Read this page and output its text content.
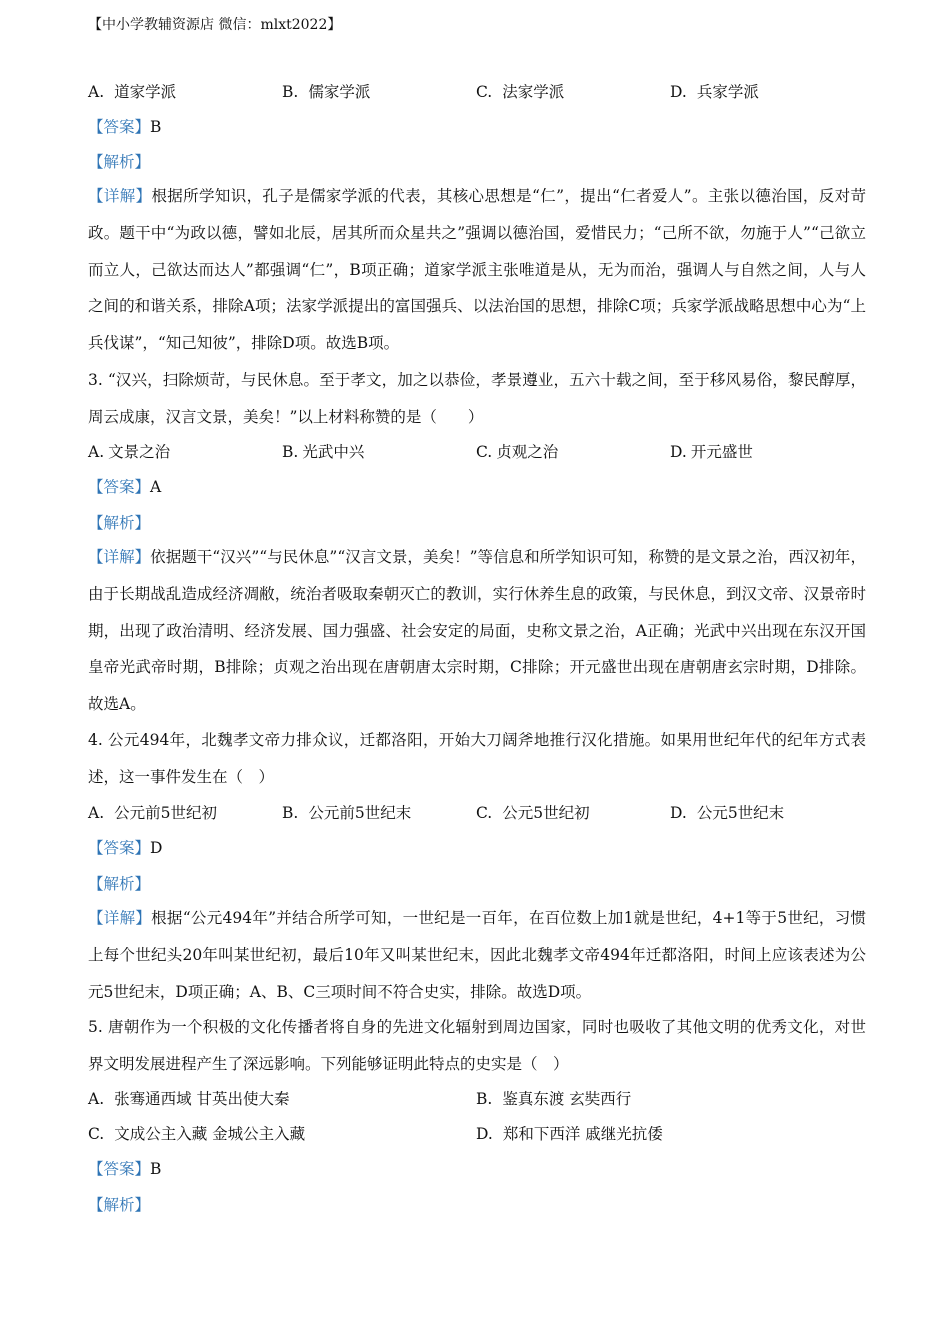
【中小学教辅资源店 微信：mlxt2022】
A. 道家学派	B. 儒家学派	C. 法家学派	D. 兵家学派
【答案】B
【解析】
【详解】根据所学知识，孔子是儒家学派的代表，其核心思想是“仁”，提出“仁者爱人”。主张以德治国，反对苛政。题干中“为政以德，譬如北辰，居其所而众星共之”强调以德治国，爱惜民力；“己所不欲，勿施于人”“己欲立而立人，己欲达而达人”都强调“仁”，B项正确；道家学派主张唯道是从，无为而治，强调人与自然之间，人与人之间的和谐关系，排除A项；法家学派提出的富国强兵、以法治国的思想，排除C项；兵家学派战略思想中心为“上兵伐谋”，“知己知彼”，排除D项。故选B项。
3. “汉兴，扫除烦苛，与民休息。至于孝文，加之以恭俭，孝景遵业，五六十载之间，至于移风易俗，黎民醇厚，周云成康，汉言文景，美矣！”以上材料称赞的是（　　）
A. 文景之治	B. 光武中兴	C. 贞观之治	D. 开元盛世
【答案】A
【解析】
【详解】依据题干“汉兴”“与民休息”“汉言文景，美矣！”等信息和所学知识可知，称赞的是文景之治，西汉初年，由于长期战乱造成经济凋敝，统治者吸取秦朝灭亡的教训，实行休养生息的政策，与民休息，到汉文帝、汉景帝时期，出现了政治清明、经济发展、国力强盛、社会安定的局面，史称文景之治，A正确；光武中兴出现在东汉开国皇帝光武帝时期，B排除；贞观之治出现在唐朝唐太宗时期，C排除；开元盛世出现在唐朝唐玄宗时期，D排除。故选A。
4. 公元494年，北魏孝文帝力排众议，迁都洛阳，开始大刀阔斧地推行汉化措施。如果用世纪年代的纪年方式表述，这一事件发生在（　）
A. 公元前5世纪初	B. 公元前5世纪末	C. 公元5世纪初	D. 公元5世纪末
【答案】D
【解析】
【详解】根据“公元494年”并结合所学可知，一世纪是一百年，在百位数上加1就是世纪，4+1等于5世纪，习惯上每个世纪头20年叫某世纪初，最后10年又叫某世纪末，因此北魏孝文帝494年迁都洛阳，时间上应该表述为公元5世纪末，D项正确；A、B、C三项时间不符合史实，排除。故选D项。
5. 唐朝作为一个积极的文化传播者将自身的先进文化辐射到周边国家，同时也吸收了其他文明的优秀文化，对世界文明发展进程产生了深远影响。下列能够证明此特点的史实是（　）
A. 张骞通西域 甘英出使大秦	B. 鉴真东渡 玄奘西行
C. 文成公主入藏 金城公主入藏	D. 郑和下西洋 戚继光抗倭
【答案】B
【解析】
